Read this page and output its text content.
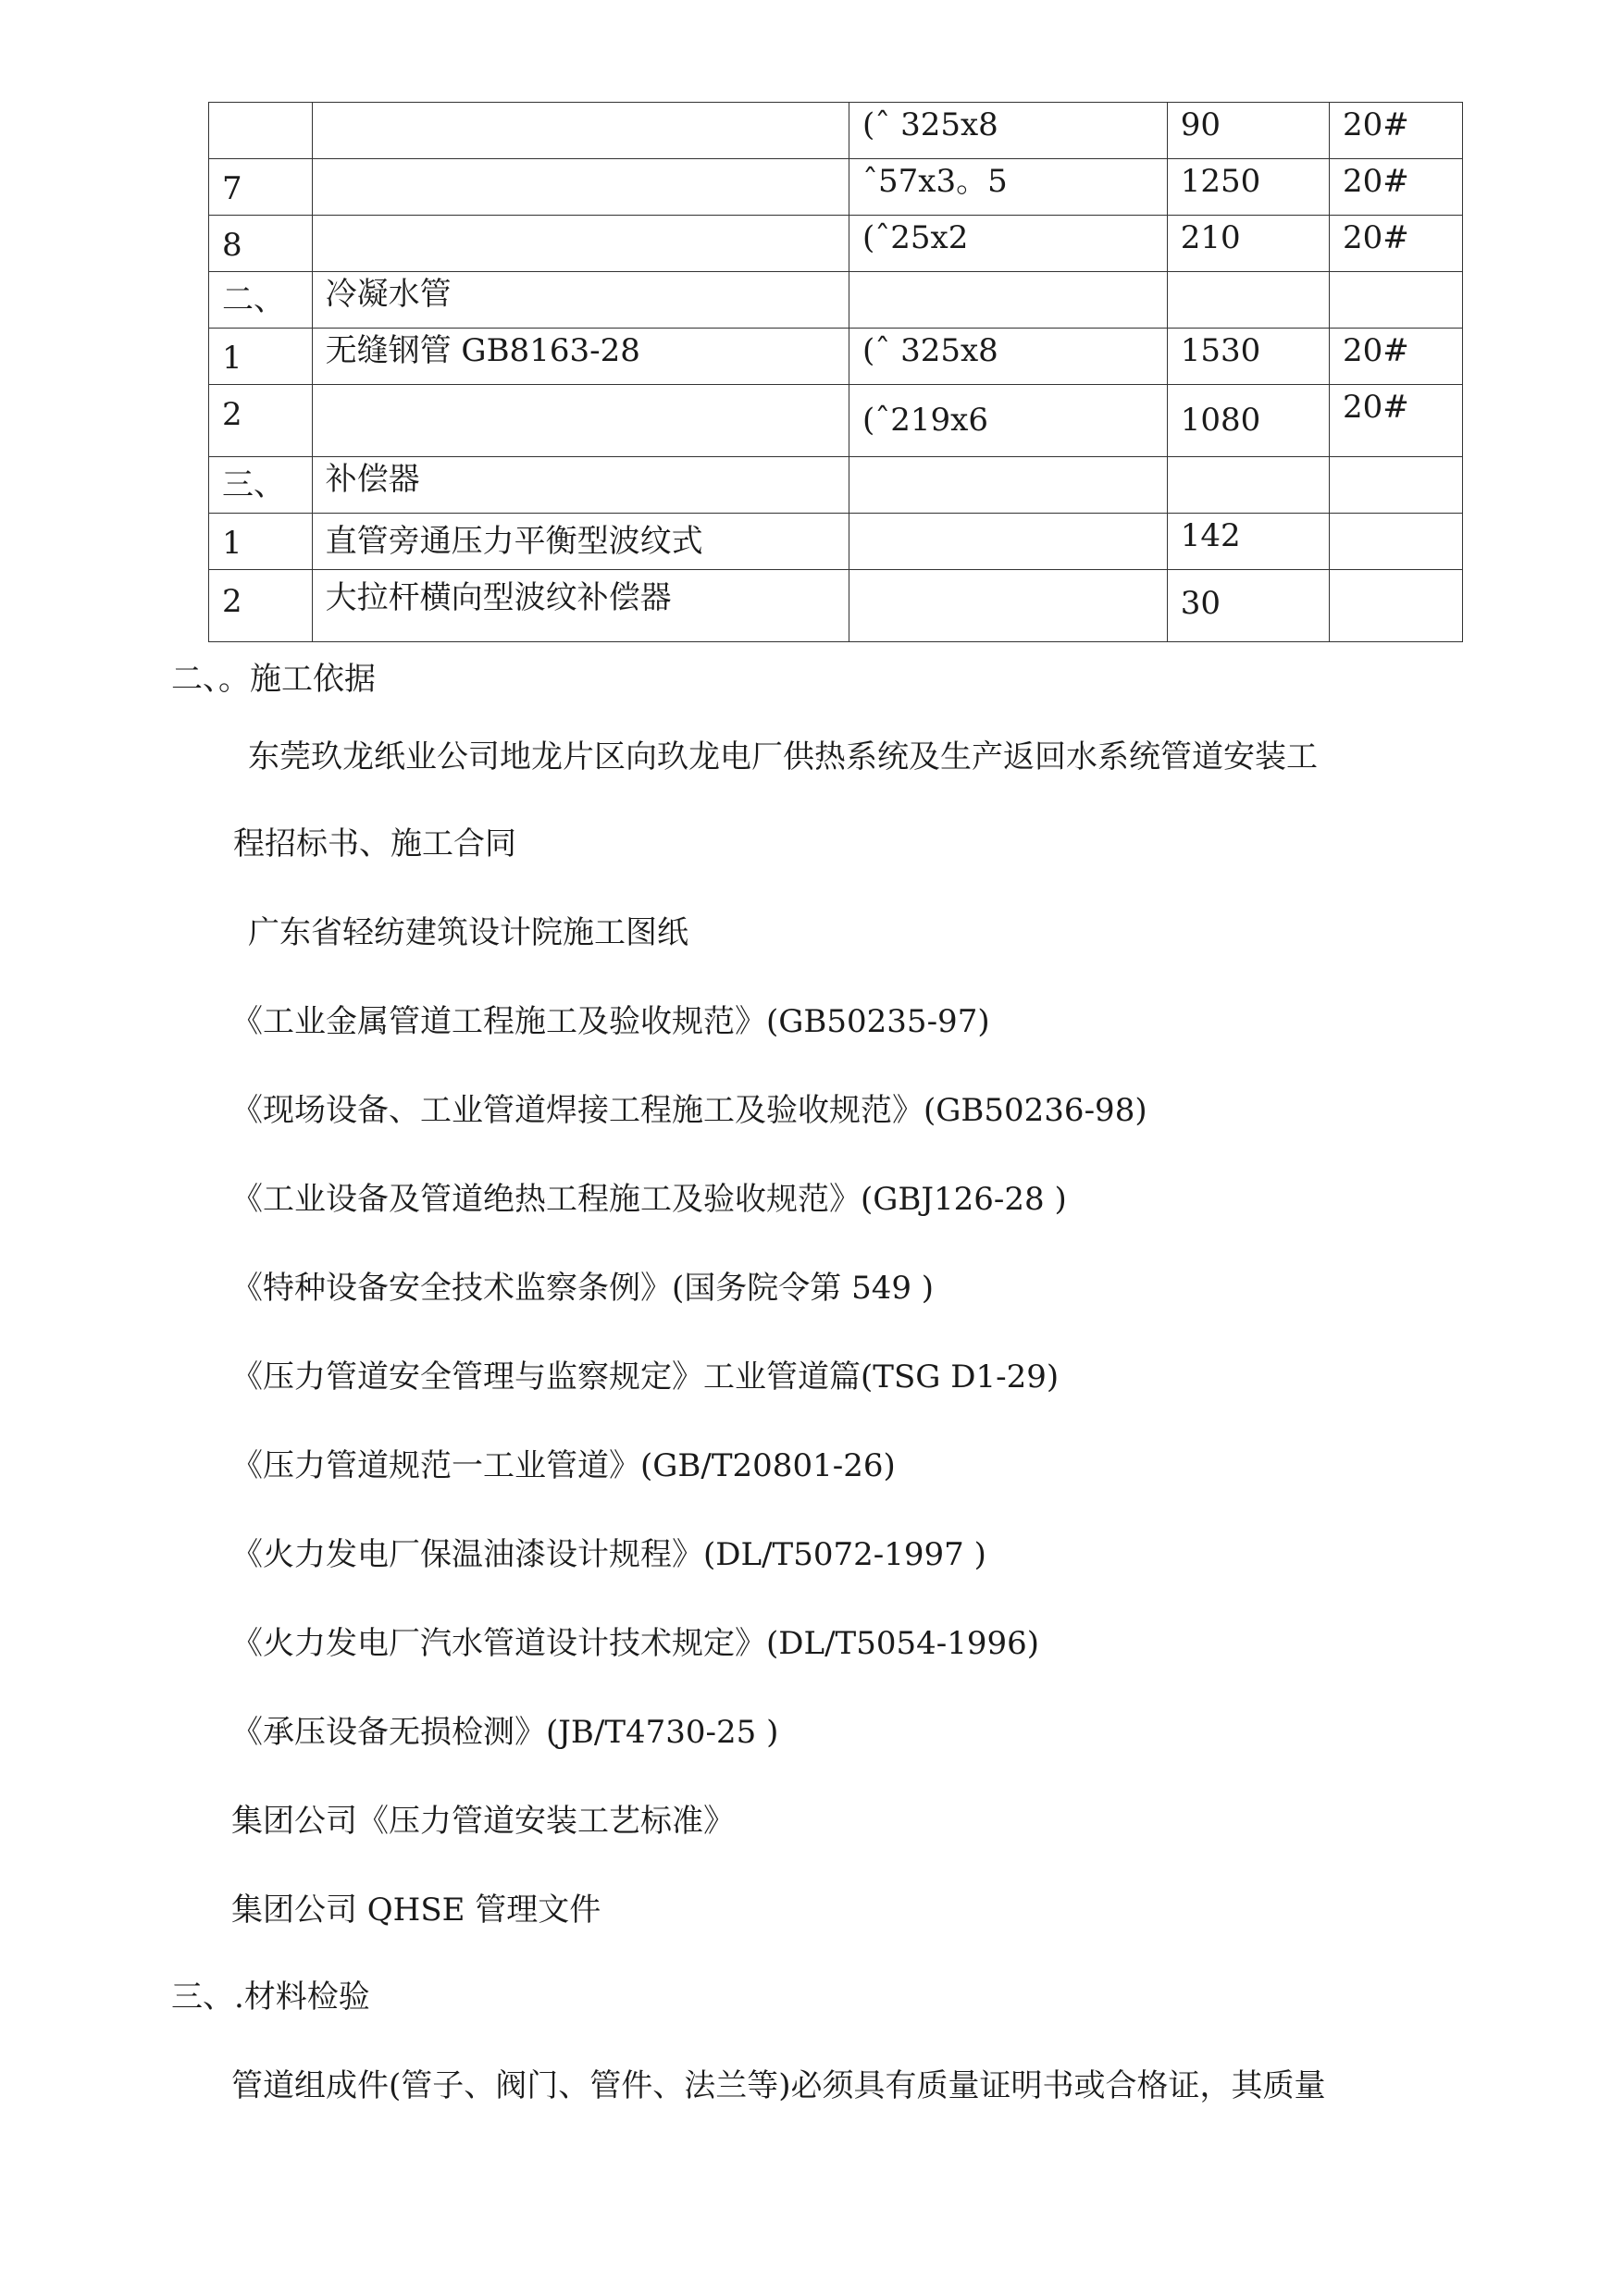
		(ˆ 325x8	90	20#
7		ˆ57x3。5	1250	20#
8		(ˆ25x2	210	20#
二、	冷凝水管			
1	无缝钢管 GB8163-28	(ˆ 325x8	1530	20#
2		(ˆ219x6	1080	20#
三、	补偿器			
1	直管旁通压力平衡型波纹式		142	
2	大拉杆横向型波纹补偿器		30	
二、。施工依据
东莞玖龙纸业公司地龙片区向玖龙电厂供热系统及生产返回水系统管道安装工
程招标书、施工合同
广东省轻纺建筑设计院施工图纸
《工业金属管道工程施工及验收规范》(GB50235-97)
《现场设备、工业管道焊接工程施工及验收规范》(GB50236-98)
《工业设备及管道绝热工程施工及验收规范》(GBJ126-28 )
《特种设备安全技术监察条例》(国务院令第 549 )
《压力管道安全管理与监察规定》工业管道篇(TSG D1-29)
《压力管道规范一工业管道》(GB/T20801-26)
《火力发电厂保温油漆设计规程》(DL/T5072-1997 )
《火力发电厂汽水管道设计技术规定》(DL/T5054-1996)
《承压设备无损检测》(JB/T4730-25 )
集团公司《压力管道安装工艺标准》
集团公司 QHSE 管理文件
三、.材料检验
管道组成件(管子、阀门、管件、法兰等)必须具有质量证明书或合格证，其质量
